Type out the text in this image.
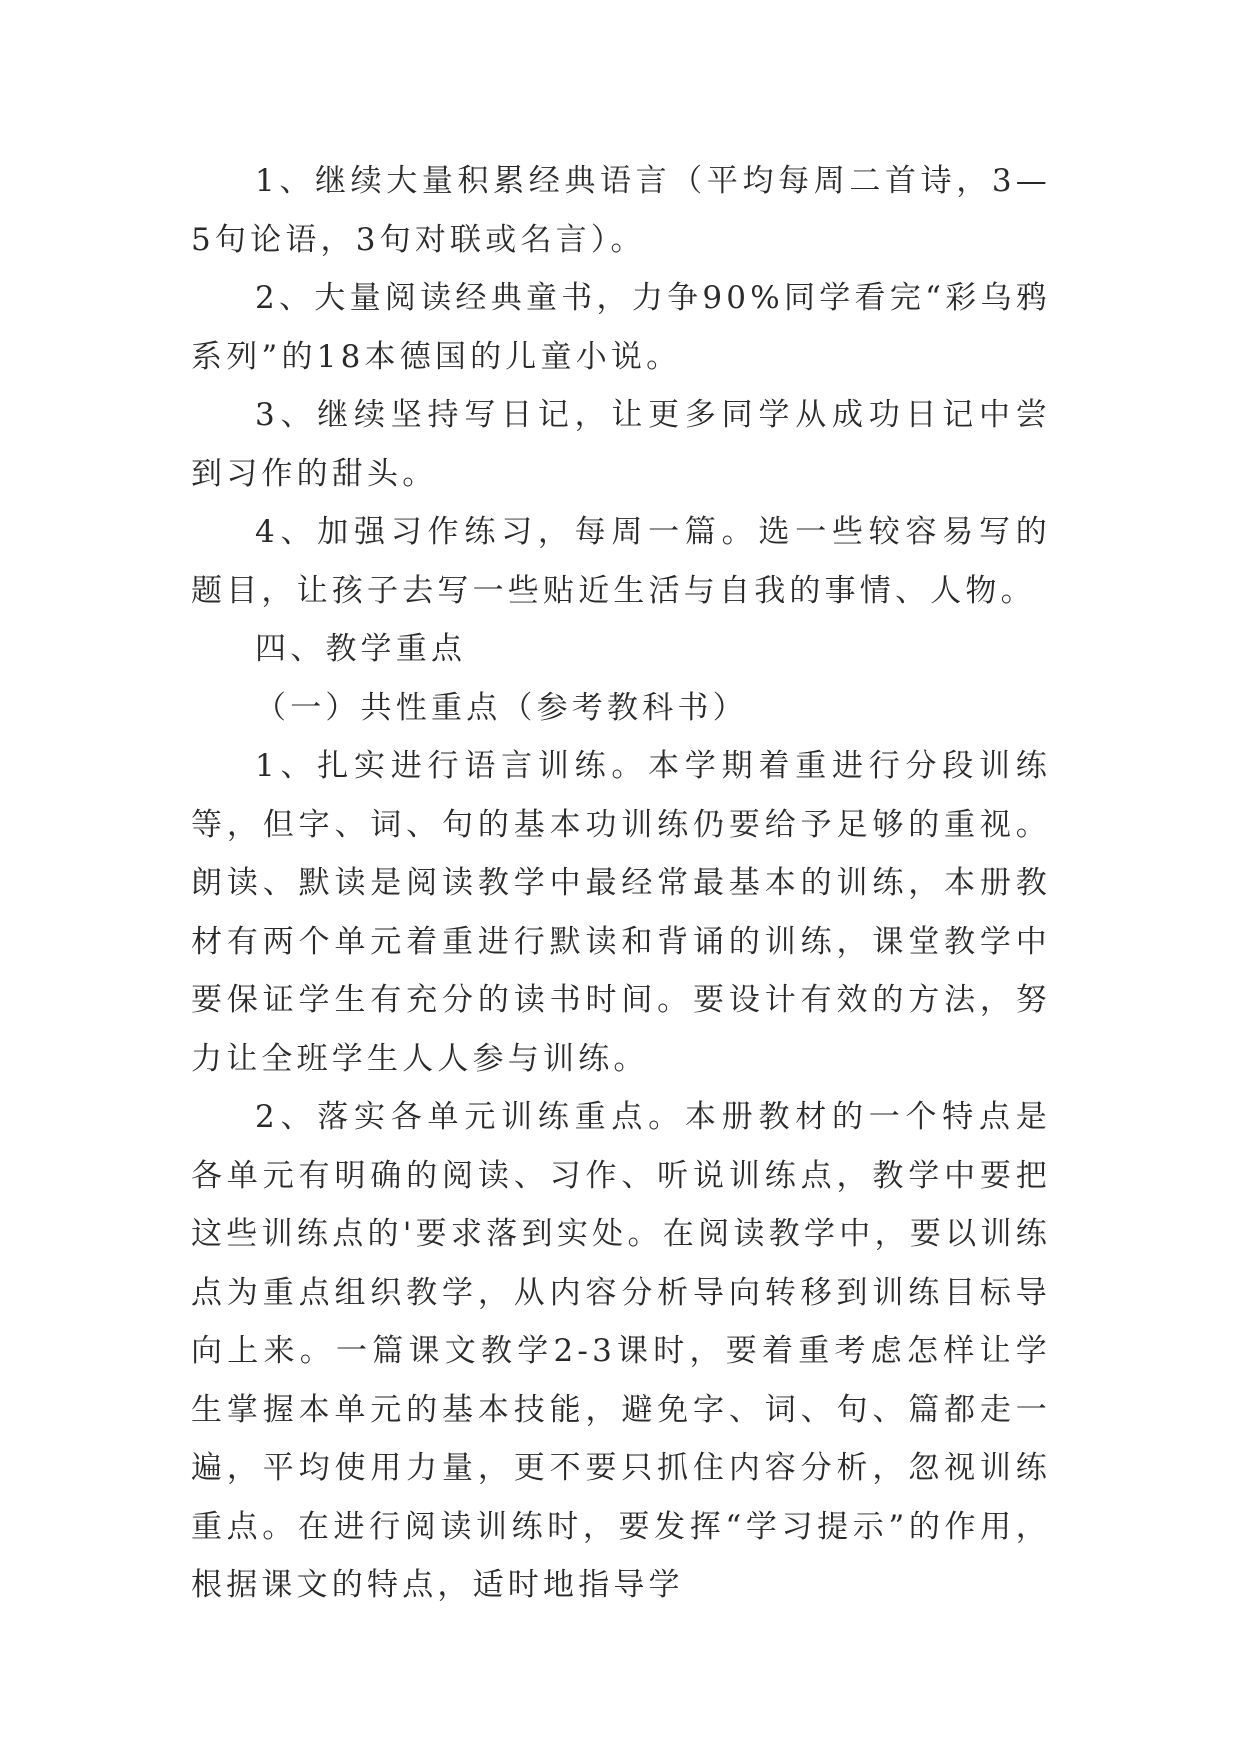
1、继续大量积累经典语言（平均每周二首诗，3—5句论语，3句对联或名言）。

2、大量阅读经典童书，力争90%同学看完“彩乌鸦系列”的18本德国的儿童小说。

3、继续坚持写日记，让更多同学从成功日记中尝到习作的甜头。

4、加强习作练习，每周一篇。选一些较容易写的题目，让孩子去写一些贴近生活与自我的事情、人物。

四、教学重点

（一）共性重点（参考教科书）

1、扎实进行语言训练。本学期着重进行分段训练等，但字、词、句的基本功训练仍要给予足够的重视。朗读、默读是阅读教学中最经常最基本的训练，本册教材有两个单元着重进行默读和背诵的训练，课堂教学中要保证学生有充分的读书时间。要设计有效的方法，努力让全班学生人人参与训练。

2、落实各单元训练重点。本册教材的一个特点是各单元有明确的阅读、习作、听说训练点，教学中要把这些训练点的'要求落到实处。在阅读教学中，要以训练点为重点组织教学，从内容分析导向转移到训练目标导向上来。一篇课文教学2-3课时，要着重考虑怎样让学生掌握本单元的基本技能，避免字、词、句、篇都走一遍，平均使用力量，更不要只抓住内容分析，忽视训练重点。在进行阅读训练时，要发挥“学习提示”的作用，根据课文的特点，适时地指导学
